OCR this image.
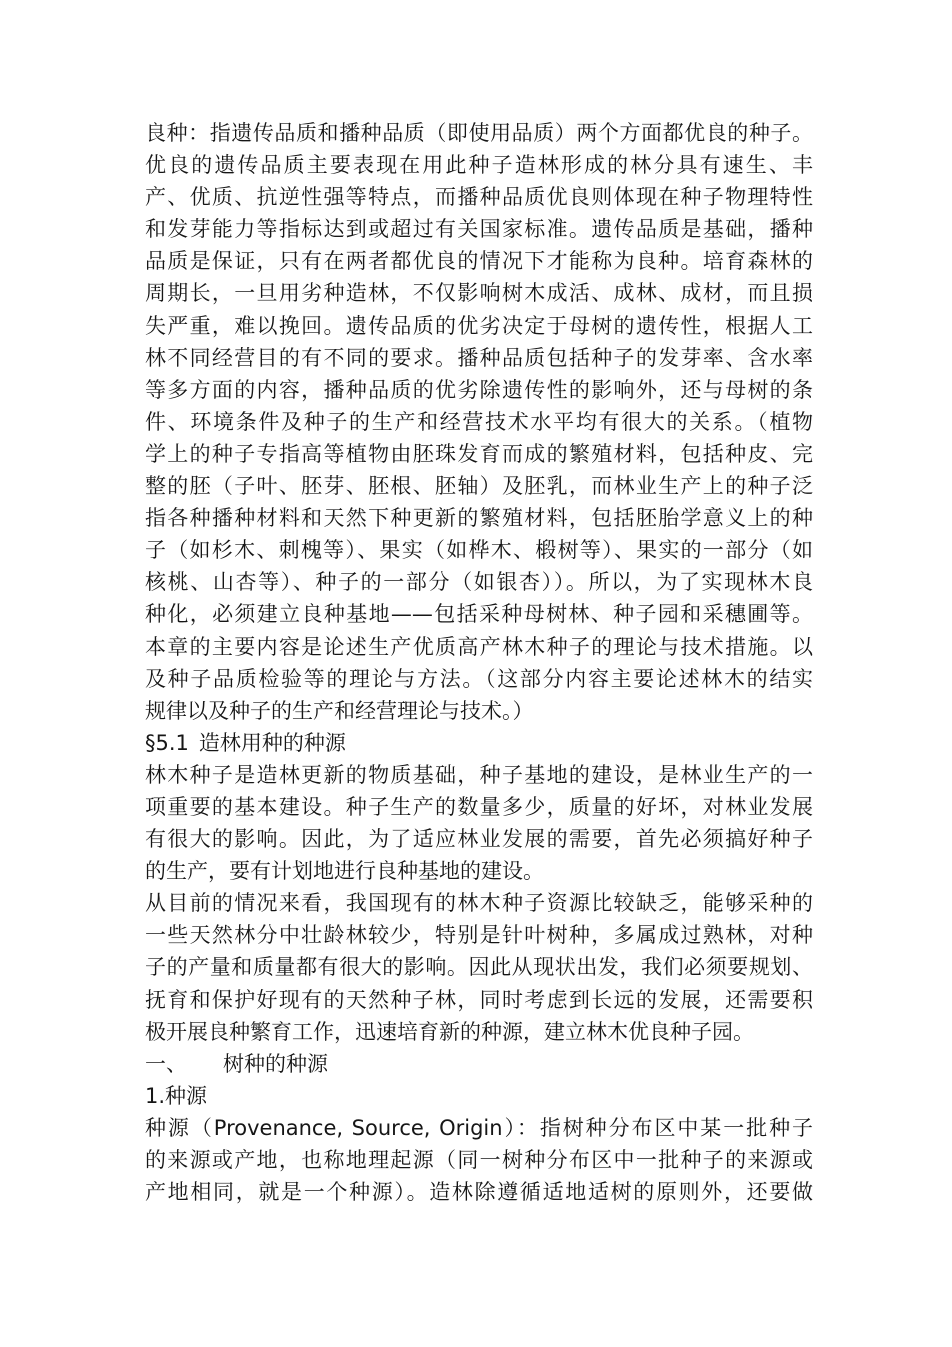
良种：指遗传品质和播种品质（即使用品质）两个方面都优良的种子。
优良的遗传品质主要表现在用此种子造林形成的林分具有速生、丰
产、优质、抗逆性强等特点，而播种品质优良则体现在种子物理特性
和发芽能力等指标达到或超过有关国家标准。遗传品质是基础，播种
品质是保证，只有在两者都优良的情况下才能称为良种。培育森林的
周期长，一旦用劣种造林，不仅影响树木成活、成林、成材，而且损
失严重，难以挽回。遗传品质的优劣决定于母树的遗传性，根据人工
林不同经营目的有不同的要求。播种品质包括种子的发芽率、含水率
等多方面的内容，播种品质的优劣除遗传性的影响外，还与母树的条
件、环境条件及种子的生产和经营技术水平均有很大的关系。（植物
学上的种子专指高等植物由胚珠发育而成的繁殖材料，包括种皮、完
整的胚（子叶、胚芽、胚根、胚轴）及胚乳，而林业生产上的种子泛
指各种播种材料和天然下种更新的繁殖材料，包括胚胎学意义上的种
子（如杉木、刺槐等）、果实（如桦木、椴树等）、果实的一部分（如
核桃、山杏等）、种子的一部分（如银杏））。所以，为了实现林木良
种化，必须建立良种基地——包括采种母树林、种子园和采穗圃等。
本章的主要内容是论述生产优质高产林木种子的理论与技术措施。以
及种子品质检验等的理论与方法。（这部分内容主要论述林木的结实
规律以及种子的生产和经营理论与技术。）
§5.1 造林用种的种源
林木种子是造林更新的物质基础，种子基地的建设，是林业生产的一
项重要的基本建设。种子生产的数量多少，质量的好坏，对林业发展
有很大的影响。因此，为了适应林业发展的需要，首先必须搞好种子
的生产，要有计划地进行良种基地的建设。
从目前的情况来看，我国现有的林木种子资源比较缺乏，能够采种的
一些天然林分中壮龄林较少，特别是针叶树种，多属成过熟林，对种
子的产量和质量都有很大的影响。因此从现状出发，我们必须要规划、
抚育和保护好现有的天然种子林，同时考虑到长远的发展，还需要积
极开展良种繁育工作，迅速培育新的种源，建立林木优良种子园。
一、 树种的种源
1.种源
种源（Provenance, Source, Origin）：指树种分布区中某一批种子
的来源或产地，也称地理起源（同一树种分布区中一批种子的来源或
产地相同，就是一个种源）。造林除遵循适地适树的原则外，还要做
